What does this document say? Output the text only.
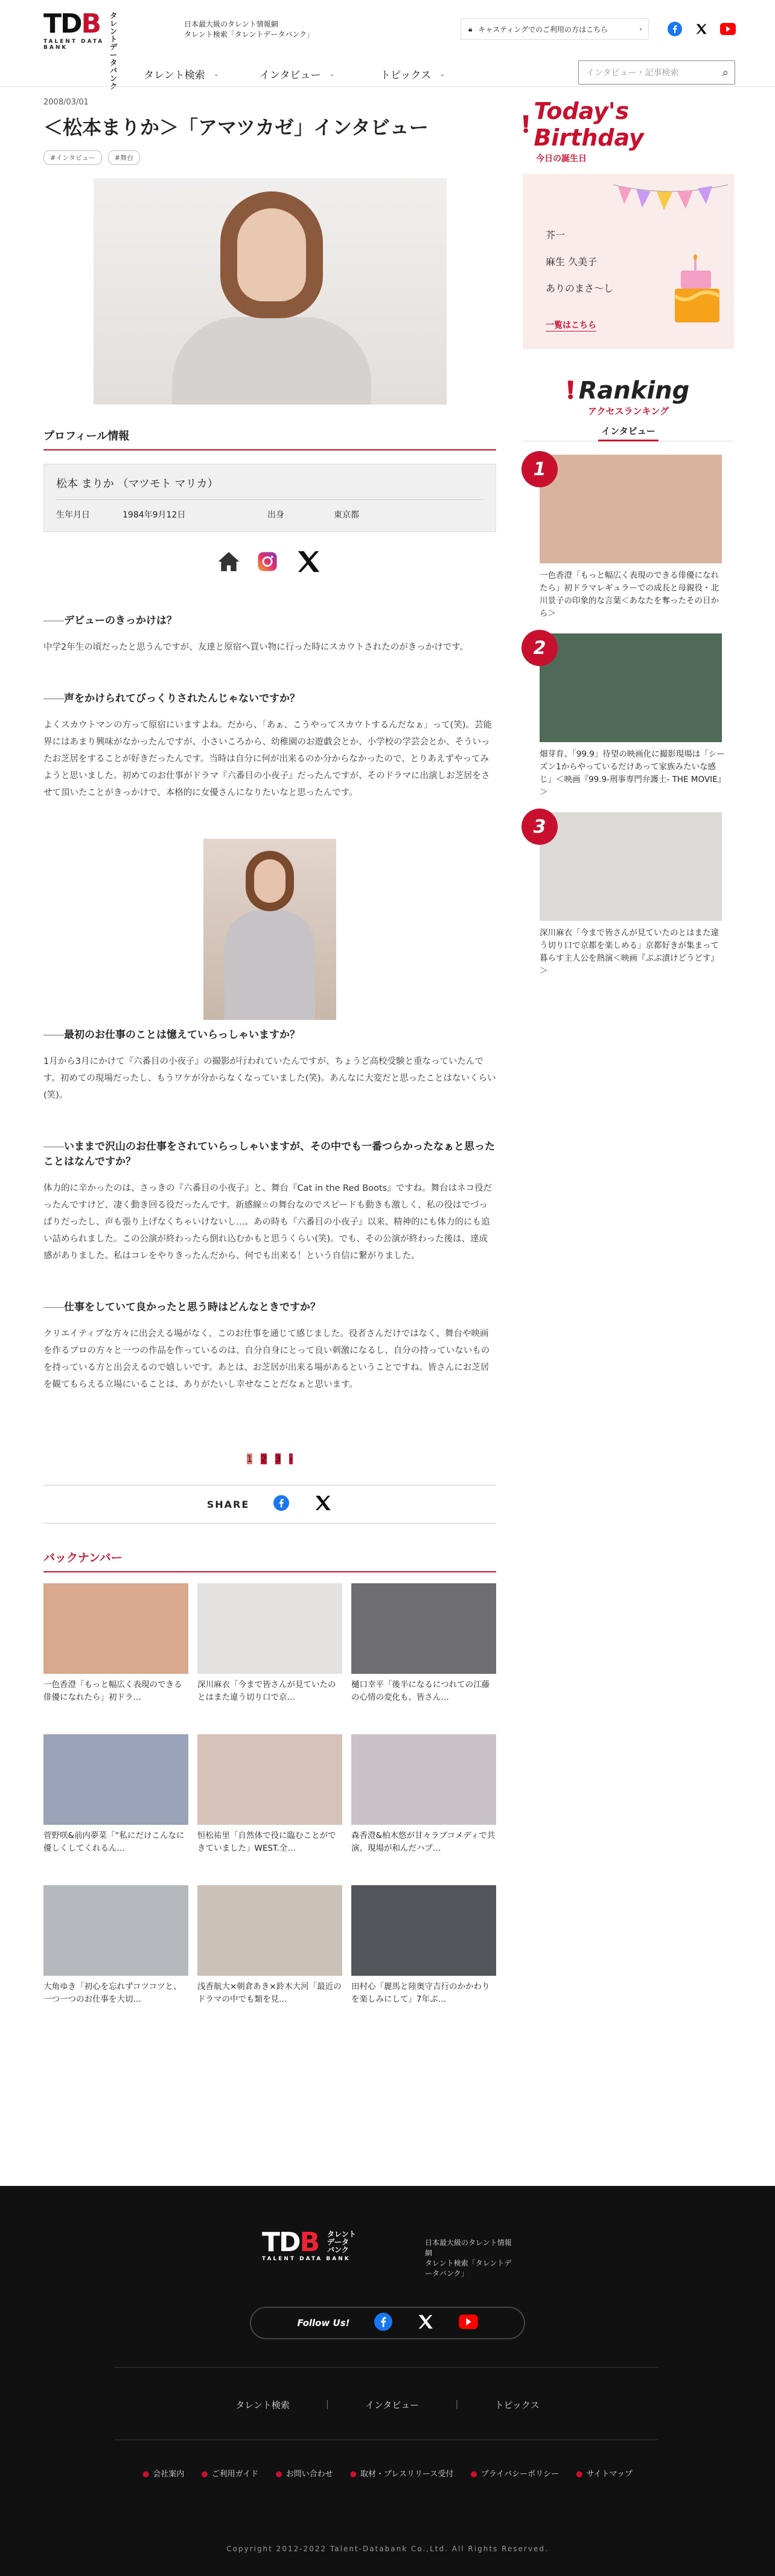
TDB	タレント
データ
バンク
TALENT DATA BANK
日本最大級のタレント情報網
タレント検索「タレントデータバンク」
🔒︎ キャスティングでのご利用の方はこちら	›
タレント検索 ⌄	インタビュー ⌄	トピックス ⌄	インタビュー・記事検索	⌕
2008/03/01
＜松本まりか＞「アマツカゼ」インタビュー
#インタビュー	#舞台
プロフィール情報
松本 まりか （マツモト マリカ）
生年月日	1984年9月12日	出身	東京都
――デビューのきっかけは？

中学2年生の頃だったと思うんですが、友達と原宿へ買い物に行った時にスカウトされたのがきっかけです。

――声をかけられてびっくりされたんじゃないですか？

よくスカウトマンの方って原宿にいますよね。だから、「あぁ、こうやってスカウトするんだなぁ」って(笑)。芸能界にはあまり興味がなかったんですが、小さいころから、幼稚園のお遊戯会とか、小学校の学芸会とか、そういったお芝居をすることが好きだったんです。当時は自分に何が出来るのか分からなかったので、とりあえずやってみようと思いました。初めてのお仕事がドラマ『六番目の小夜子』だったんですが、そのドラマに出演しお芝居をさせて頂いたことがきっかけで、本格的に女優さんになりたいなと思ったんです。

――最初のお仕事のことは憶えていらっしゃいますか？

1月から3月にかけて『六番目の小夜子』の撮影が行われていたんですが、ちょうど高校受験と重なっていたんです。初めての現場だったし、もうワケが分からなくなっていました(笑)。あんなに大変だと思ったことはないくらい(笑)。

――いままで沢山のお仕事をされていらっしゃいますが、その中でも一番つらかったなぁと思ったことはなんですか？

体力的に辛かったのは、さっきの『六番目の小夜子』と、舞台『Cat in the Red Boots』ですね。舞台はネコ役だったんですけど、凄く動き回る役だったんです。新感線☆の舞台なのでスピードも動きも激しく、私の役はでづっぱりだったし、声も張り上げなくちゃいけないし…。あの時も『六番目の小夜子』以来、精神的にも体力的にも追い詰められました。この公演が終わったら倒れ込むかもと思うくらい(笑)。でも、その公演が終わった後は、達成感がありました。私はコレをやりきったんだから、何でも出来る！という自信に繋がりました。

――仕事をしていて良かったと思う時はどんなときですか？

クリエイティブな方々に出会える場がなく、このお仕事を通じて感じました。役者さんだけではなく、舞台や映画を作るプロの方々と一つの作品を作っているのは、自分自身にとって良い刺激になるし、自分の持っていないものを持っている方と出会えるので嬉しいです。あとは、お芝居が出来る場があるということですね。皆さんにお芝居を観てもらえる立場にいることは、ありがたいし幸せなことだなぁと思います。

1 2 3 ›
SHARE
バックナンバー
一色香澄「もっと幅広く表現のできる俳優になれたら」初ドラ…
深川麻衣「今まで皆さんが見ていたのとはまた違う切り口で京…
樋口幸平「後半になるにつれての江藤の心情の変化も、皆さん…
菅野咲&前内夢菜「“私にだけこんなに優しくしてくれるん…
恒松祐里「自然体で役に臨むことができていました」WEST.全…
森香澄&柏木悠が甘々ラブコメディで共演、現場が和んだハプ…
大角ゆき「初心を忘れずコツコツと、一つ一つのお仕事を大切…
浅香航大×朝倉あき×鈴木大河「最近のドラマの中でも類を見…
田村心「麗馬と陸奥守吉行のかかわりを楽しみにして」7年ぶ…
❗︎ Today's Birthday
今日の誕生日
芥一
麻生 久美子
ありのまさ〜し
一覧はこちら
❗︎ Ranking
アクセスランキング
インタビュー
1
一色香澄「もっと幅広く表現のできる俳優になれたら」初ドラマレギュラーでの成長と母親役・北川景子の印象的な言葉＜あなたを奪ったその日から＞
2
畑芽育、「99.9」待望の映画化に撮影現場は「シーズン1からやっているだけあって家族みたいな感じ」＜映画『99.9-刑事専門弁護士- THE MOVIE』＞
3
深川麻衣「今まで皆さんが見ていたのとはまた違う切り口で京都を楽しめる」京都好きが集まって暮らす主人公を熱演＜映画『ぶぶ漬けどうどす』＞
TDB	タレント
データ
バンク
TALENT DATA BANK
日本最大級のタレント情報網
タレント検索「タレントデータバンク」
Follow Us!
タレント検索	|	インタビュー	|	トピックス
● 会社案内 ● ご利用ガイド ● お問い合わせ ● 取材・プレスリリース受付 ● プライバシーポリシー ● サイトマップ
Copyright 2012-2022 Talent-Databank Co.,Ltd. All Rights Reserved.
